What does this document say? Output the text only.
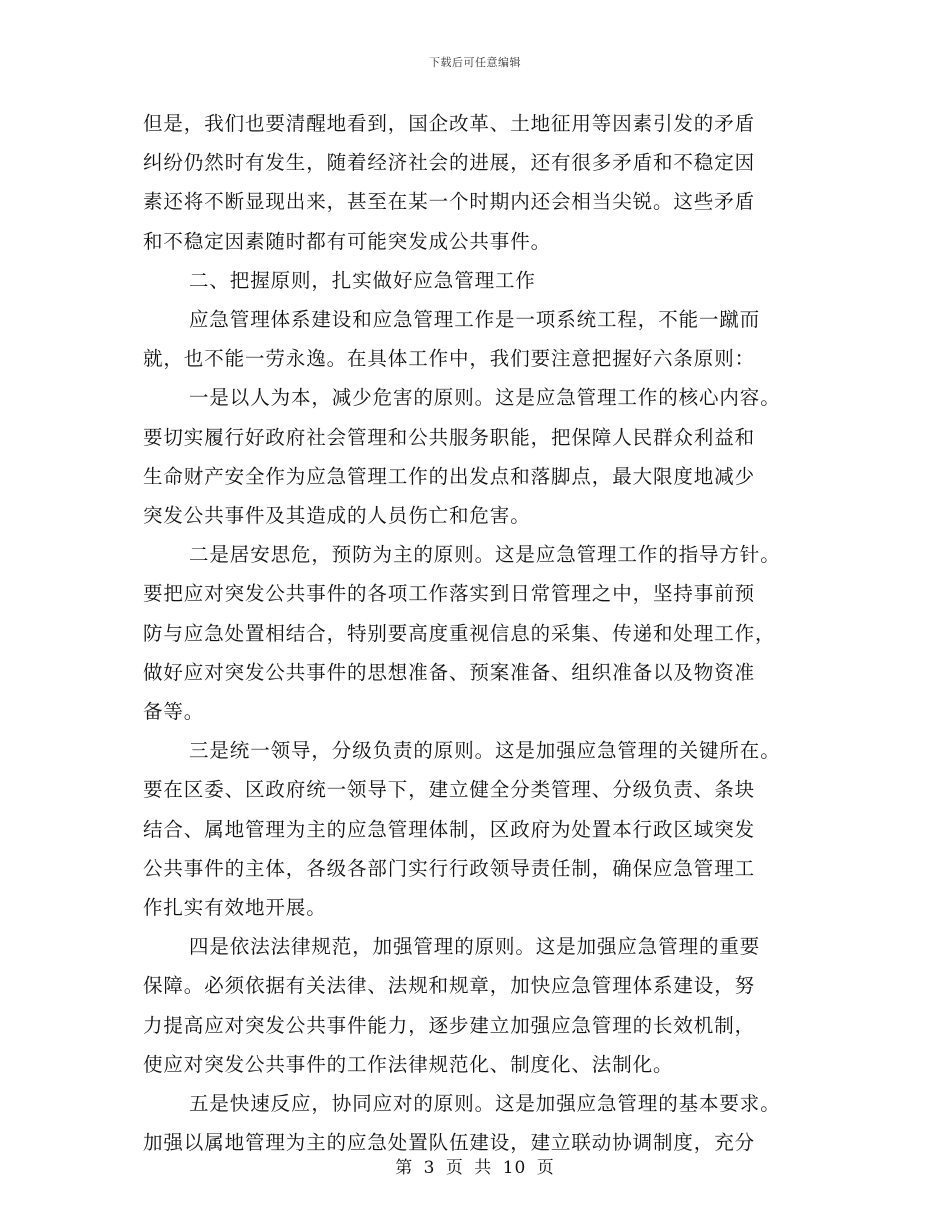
下载后可任意编辑

但是，我们也要清醒地看到，国企改革、土地征用等因素引发的矛盾
纠纷仍然时有发生，随着经济社会的进展，还有很多矛盾和不稳定因
素还将不断显现出来，甚至在某一个时期内还会相当尖锐。这些矛盾
和不稳定因素随时都有可能突发成公共事件。

二、把握原则，扎实做好应急管理工作

应急管理体系建设和应急管理工作是一项系统工程，不能一蹴而
就，也不能一劳永逸。在具体工作中，我们要注意把握好六条原则：

一是以人为本，减少危害的原则。这是应急管理工作的核心内容。
要切实履行好政府社会管理和公共服务职能，把保障人民群众利益和
生命财产安全作为应急管理工作的出发点和落脚点，最大限度地减少
突发公共事件及其造成的人员伤亡和危害。

二是居安思危，预防为主的原则。这是应急管理工作的指导方针。
要把应对突发公共事件的各项工作落实到日常管理之中，坚持事前预
防与应急处置相结合，特别要高度重视信息的采集、传递和处理工作，
做好应对突发公共事件的思想准备、预案准备、组织准备以及物资准
备等。

三是统一领导，分级负责的原则。这是加强应急管理的关键所在。
要在区委、区政府统一领导下，建立健全分类管理、分级负责、条块
结合、属地管理为主的应急管理体制，区政府为处置本行政区域突发
公共事件的主体，各级各部门实行行政领导责任制，确保应急管理工
作扎实有效地开展。

四是依法法律规范，加强管理的原则。这是加强应急管理的重要
保障。必须依据有关法律、法规和规章，加快应急管理体系建设，努
力提高应对突发公共事件能力，逐步建立加强应急管理的长效机制，
使应对突发公共事件的工作法律规范化、制度化、法制化。

五是快速反应，协同应对的原则。这是加强应急管理的基本要求。
加强以属地管理为主的应急处置队伍建设，建立联动协调制度，充分

第 3 页 共 10 页
